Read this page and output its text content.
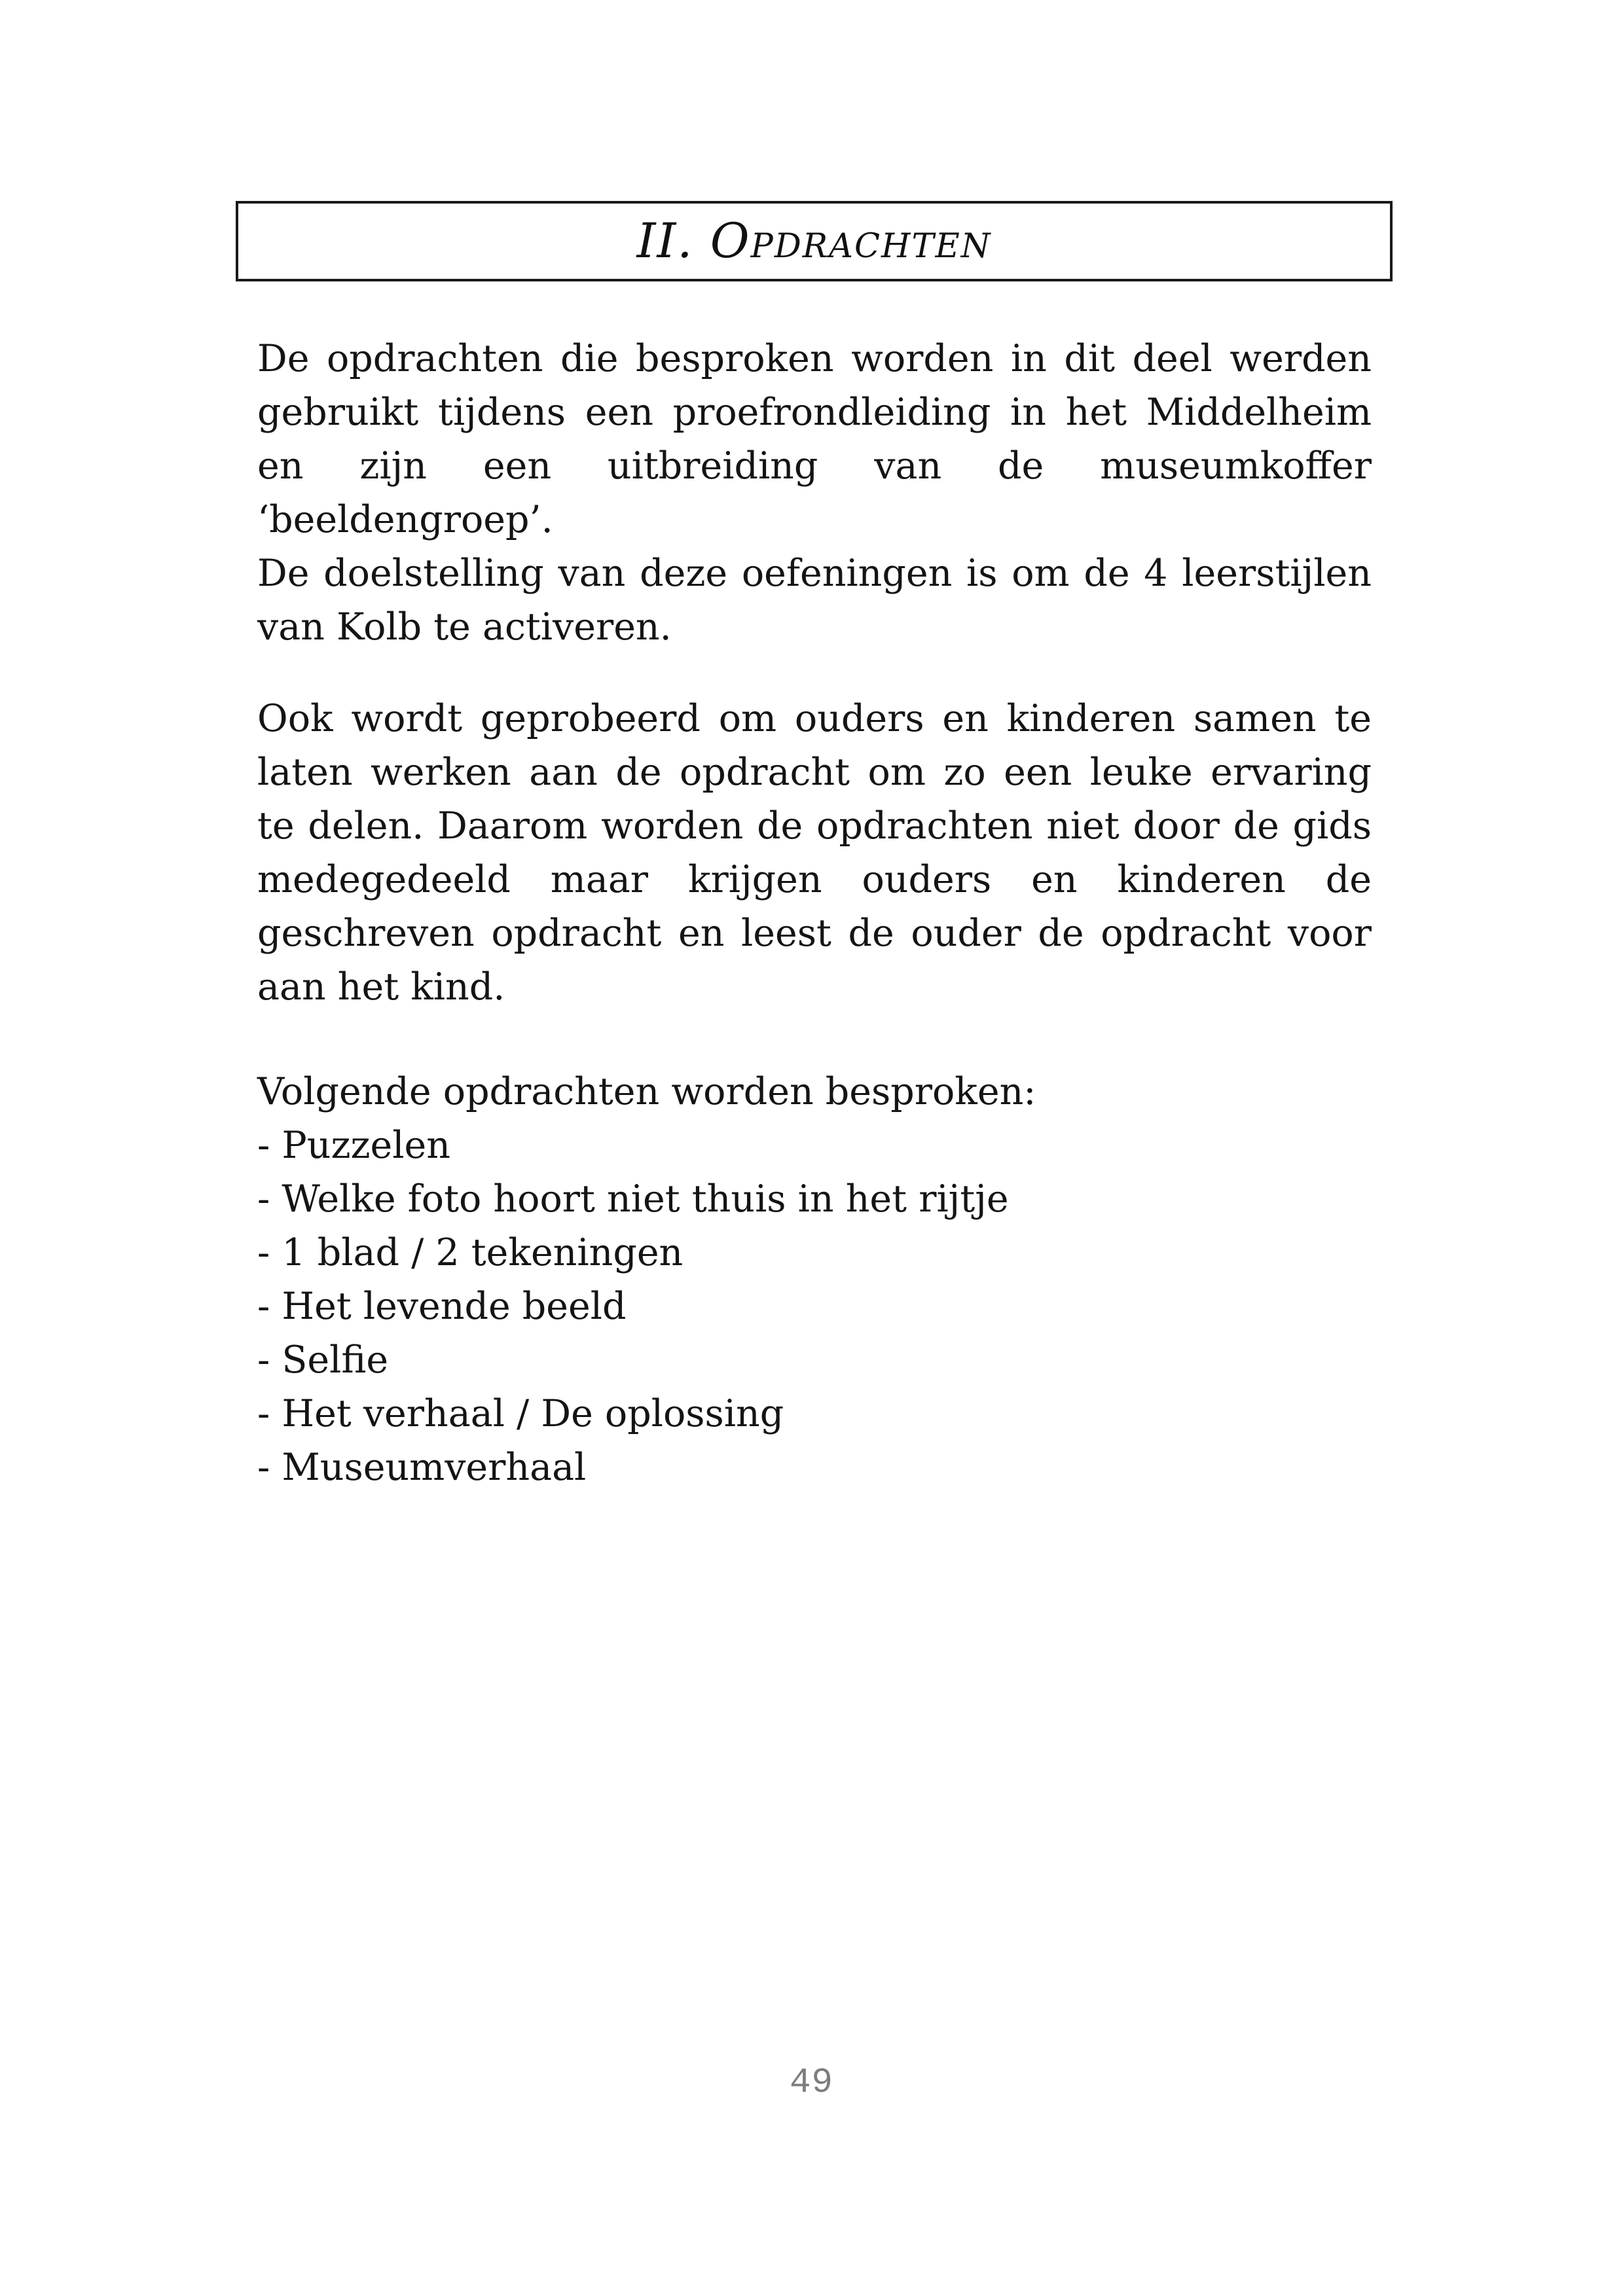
II. Opdrachten
De opdrachten die besproken worden in dit deel werden
gebruikt tijdens een proefrondleiding in het Middelheim
en zijn een uitbreiding van de museumkoffer
‘beeldengroep’.
De doelstelling van deze oefeningen is om de 4 leerstijlen
van Kolb te activeren.
Ook wordt geprobeerd om ouders en kinderen samen te
laten werken aan de opdracht om zo een leuke ervaring
te delen. Daarom worden de opdrachten niet door de gids
medegedeeld maar krijgen ouders en kinderen de
geschreven opdracht en leest de ouder de opdracht voor
aan het kind.
Volgende opdrachten worden besproken:
- Puzzelen
- Welke foto hoort niet thuis in het rijtje
- 1 blad / 2 tekeningen
- Het levende beeld
- Selfie
- Het verhaal / De oplossing
- Museumverhaal
49
